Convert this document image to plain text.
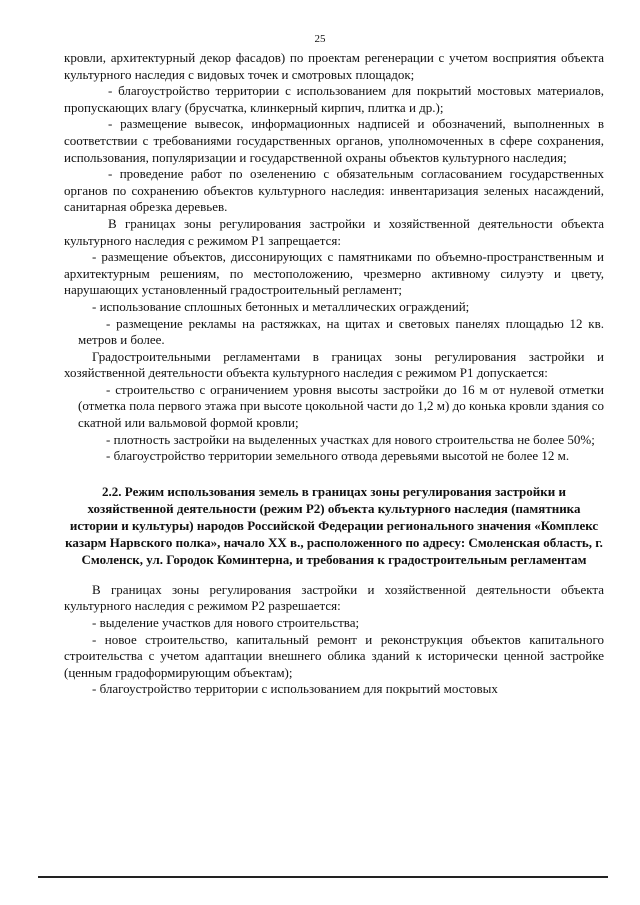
25

кровли, архитектурный декор фасадов) по проектам регенерации с учетом восприятия объекта культурного наследия с видовых точек и смотровых площадок;

- благоустройство территории с использованием для покрытий мостовых материалов, пропускающих влагу (брусчатка, клинкерный кирпич, плитка и др.);

- размещение вывесок, информационных надписей и обозначений, выполненных в соответствии с требованиями государственных органов, уполномоченных в сфере сохранения, использования, популяризации и государственной охраны объектов культурного наследия;

- проведение работ по озеленению с обязательным согласованием государственных органов по сохранению объектов культурного наследия: инвентаризация зеленых насаждений, санитарная обрезка деревьев.

В границах зоны регулирования застройки и хозяйственной деятельности объекта культурного наследия с режимом Р1 запрещается:

- размещение объектов, диссонирующих с памятниками по объемно-пространственным и архитектурным решениям, по местоположению, чрезмерно активному силуэту и цвету, нарушающих установленный градостроительный регламент;

- использование сплошных бетонных и металлических ограждений;

- размещение рекламы на растяжках, на щитах и световых панелях площадью 12 кв. метров и более.

Градостроительными регламентами в границах зоны регулирования застройки и хозяйственной деятельности объекта культурного наследия с режимом Р1 допускается:

- строительство с ограничением уровня высоты застройки до 16 м от нулевой отметки (отметка пола первого этажа при высоте цокольной части до 1,2 м) до конька кровли здания со скатной или вальмовой формой кровли;

- плотность застройки на выделенных участках для нового строительства не более 50%;

- благоустройство территории земельного отвода деревьями высотой не более 12 м.

2.2. Режим использования земель в границах зоны регулирования застройки и хозяйственной деятельности (режим Р2) объекта культурного наследия (памятника истории и культуры) народов Российской Федерации регионального значения «Комплекс казарм Нарвского полка», начало XX в., расположенного по адресу: Смоленская область, г. Смоленск, ул. Городок Коминтерна, и требования к градостроительным регламентам

В границах зоны регулирования застройки и хозяйственной деятельности объекта культурного наследия с режимом Р2 разрешается:

- выделение участков для нового строительства;

- новое строительство, капитальный ремонт и реконструкция объектов капитального строительства с учетом адаптации внешнего облика зданий к исторически ценной застройке (ценным градоформирующим объектам);

- благоустройство территории с использованием для покрытий мостовых
